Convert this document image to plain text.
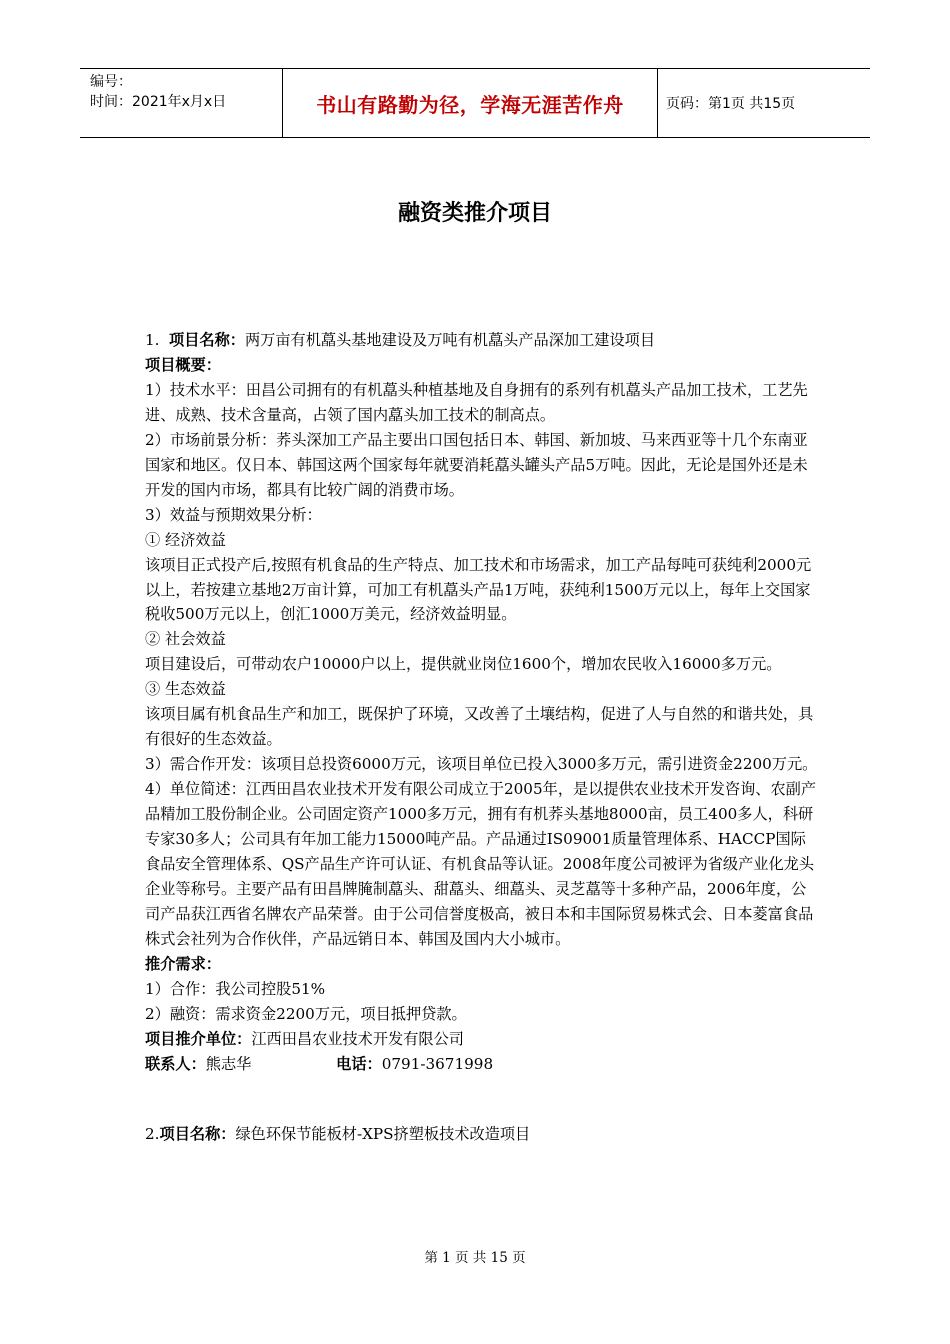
编号：
时间：2021年x月x日	书山有路勤为径，学海无涯苦作舟	页码：第1页 共15页
融资类推介项目

1. 项目名称：两万亩有机藠头基地建设及万吨有机藠头产品深加工建设项目

项目概要：

1）技术水平：田昌公司拥有的有机藠头种植基地及自身拥有的系列有机藠头产品加工技术，工艺先进、成熟、技术含量高，占领了国内藠头加工技术的制高点。

2）市场前景分析：荞头深加工产品主要出口国包括日本、韩国、新加坡、马来西亚等十几个东南亚国家和地区。仅日本、韩国这两个国家每年就要消耗藠头罐头产品5万吨。因此，无论是国外还是未开发的国内市场，都具有比较广阔的消费市场。

3）效益与预期效果分析：

① 经济效益

该项目正式投产后,按照有机食品的生产特点、加工技术和市场需求，加工产品每吨可获纯利2000元以上，若按建立基地2万亩计算，可加工有机藠头产品1万吨，获纯利1500万元以上，每年上交国家税收500万元以上，创汇1000万美元，经济效益明显。

② 社会效益

项目建设后，可带动农户10000户以上，提供就业岗位1600个，增加农民收入16000多万元。

③ 生态效益

该项目属有机食品生产和加工，既保护了环境，又改善了土壤结构，促进了人与自然的和谐共处，具有很好的生态效益。

3）需合作开发：该项目总投资6000万元，该项目单位已投入3000多万元，需引进资金2200万元。

4）单位简述：江西田昌农业技术开发有限公司成立于2005年，是以提供农业技术开发咨询、农副产品精加工股份制企业。公司固定资产1000多万元，拥有有机荞头基地8000亩，员工400多人，科研专家30多人；公司具有年加工能力15000吨产品。产品通过IS09001质量管理体系、HACCP国际食品安全管理体系、QS产品生产许可认证、有机食品等认证。2008年度公司被评为省级产业化龙头企业等称号。主要产品有田昌牌腌制藠头、甜藠头、细藠头、灵芝藠等十多种产品，2006年度，公司产品获江西省名牌农产品荣誉。由于公司信誉度极高，被日本和丰国际贸易株式会、日本菱富食品株式会社列为合作伙伴，产品远销日本、韩国及国内大小城市。

推介需求：

1）合作：我公司控股51%

2）融资：需求资金2200万元，项目抵押贷款。

项目推介单位：江西田昌农业技术开发有限公司

联系人：熊志华	电话：0791-3671998

2.项目名称：绿色环保节能板材-XPS挤塑板技术改造项目

第 1 页 共 15 页
